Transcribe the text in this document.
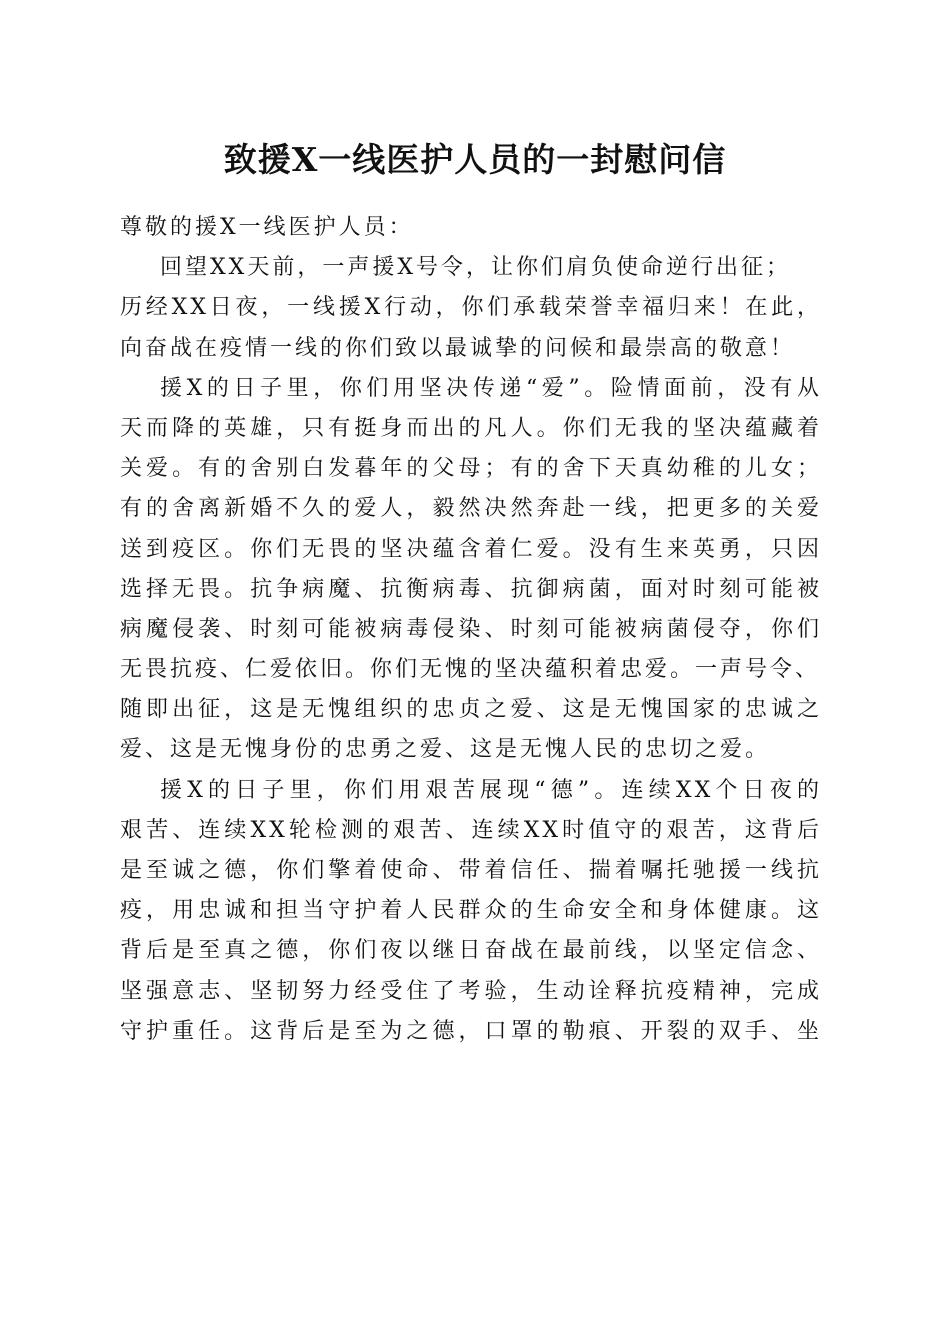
致援X一线医护人员的一封慰问信
尊敬的援X一线医护人员：
回望XX天前，一声援X号令，让你们肩负使命逆行出征；
历经XX日夜，一线援X行动，你们承载荣誉幸福归来！在此，
向奋战在疫情一线的你们致以最诚挚的问候和最崇高的敬意！
援X的日子里，你们用坚决传递“爱”。险情面前，没有从
天而降的英雄，只有挺身而出的凡人。你们无我的坚决蕴藏着
关爱。有的舍别白发暮年的父母；有的舍下天真幼稚的儿女；
有的舍离新婚不久的爱人，毅然决然奔赴一线，把更多的关爱
送到疫区。你们无畏的坚决蕴含着仁爱。没有生来英勇，只因
选择无畏。抗争病魔、抗衡病毒、抗御病菌，面对时刻可能被
病魔侵袭、时刻可能被病毒侵染、时刻可能被病菌侵夺，你们
无畏抗疫、仁爱依旧。你们无愧的坚决蕴积着忠爱。一声号令、
随即出征，这是无愧组织的忠贞之爱、这是无愧国家的忠诚之
爱、这是无愧身份的忠勇之爱、这是无愧人民的忠切之爱。
援X的日子里，你们用艰苦展现“德”。连续XX个日夜的
艰苦、连续XX轮检测的艰苦、连续XX时值守的艰苦，这背后
是至诚之德，你们擎着使命、带着信任、揣着嘱托驰援一线抗
疫，用忠诚和担当守护着人民群众的生命安全和身体健康。这
背后是至真之德，你们夜以继日奋战在最前线，以坚定信念、
坚强意志、坚韧努力经受住了考验，生动诠释抗疫精神，完成
守护重任。这背后是至为之德，口罩的勒痕、开裂的双手、坐
